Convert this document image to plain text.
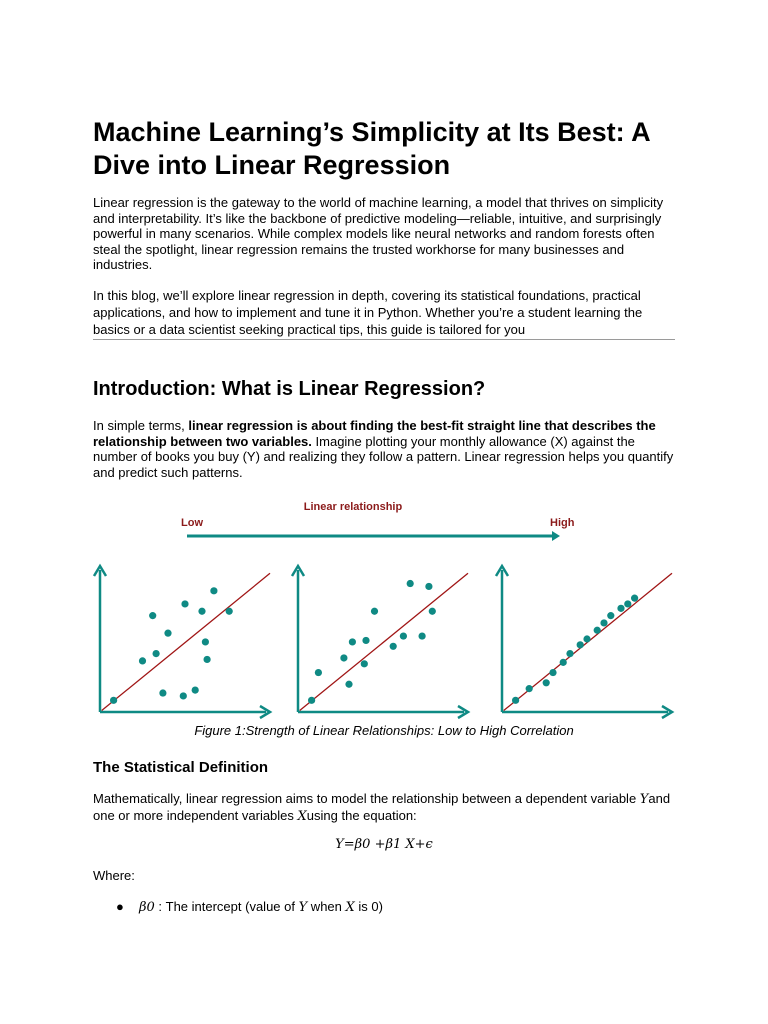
Machine Learning’s Simplicity at Its Best: A Dive into Linear Regression

Linear regression is the gateway to the world of machine learning, a model that thrives on simplicity and interpretability. It’s like the backbone of predictive modeling—reliable, intuitive, and surprisingly powerful in many scenarios. While complex models like neural networks and random forests often steal the spotlight, linear regression remains the trusted workhorse for many businesses and industries.

In this blog, we’ll explore linear regression in depth, covering its statistical foundations, practical applications, and how to implement and tune it in Python. Whether you’re a student learning the basics or a data scientist seeking practical tips, this guide is tailored for you

Introduction: What is Linear Regression?

In simple terms, linear regression is about finding the best-fit straight line that describes the relationship between two variables. Imagine plotting your monthly allowance (X) against the number of books you buy (Y) and realizing they follow a pattern. Linear regression helps you quantify and predict such patterns.

Linear relationship
Low	High
Figure 1:Strength of Linear Relationships: Low to High Correlation
The Statistical Definition

Mathematically, linear regression aims to model the relationship between a dependent variable Yand one or more independent variables Xusing the equation:

Y=β0 +β1 X+ϵ

Where:

● β0 : The intercept (value of Y when X is 0)
